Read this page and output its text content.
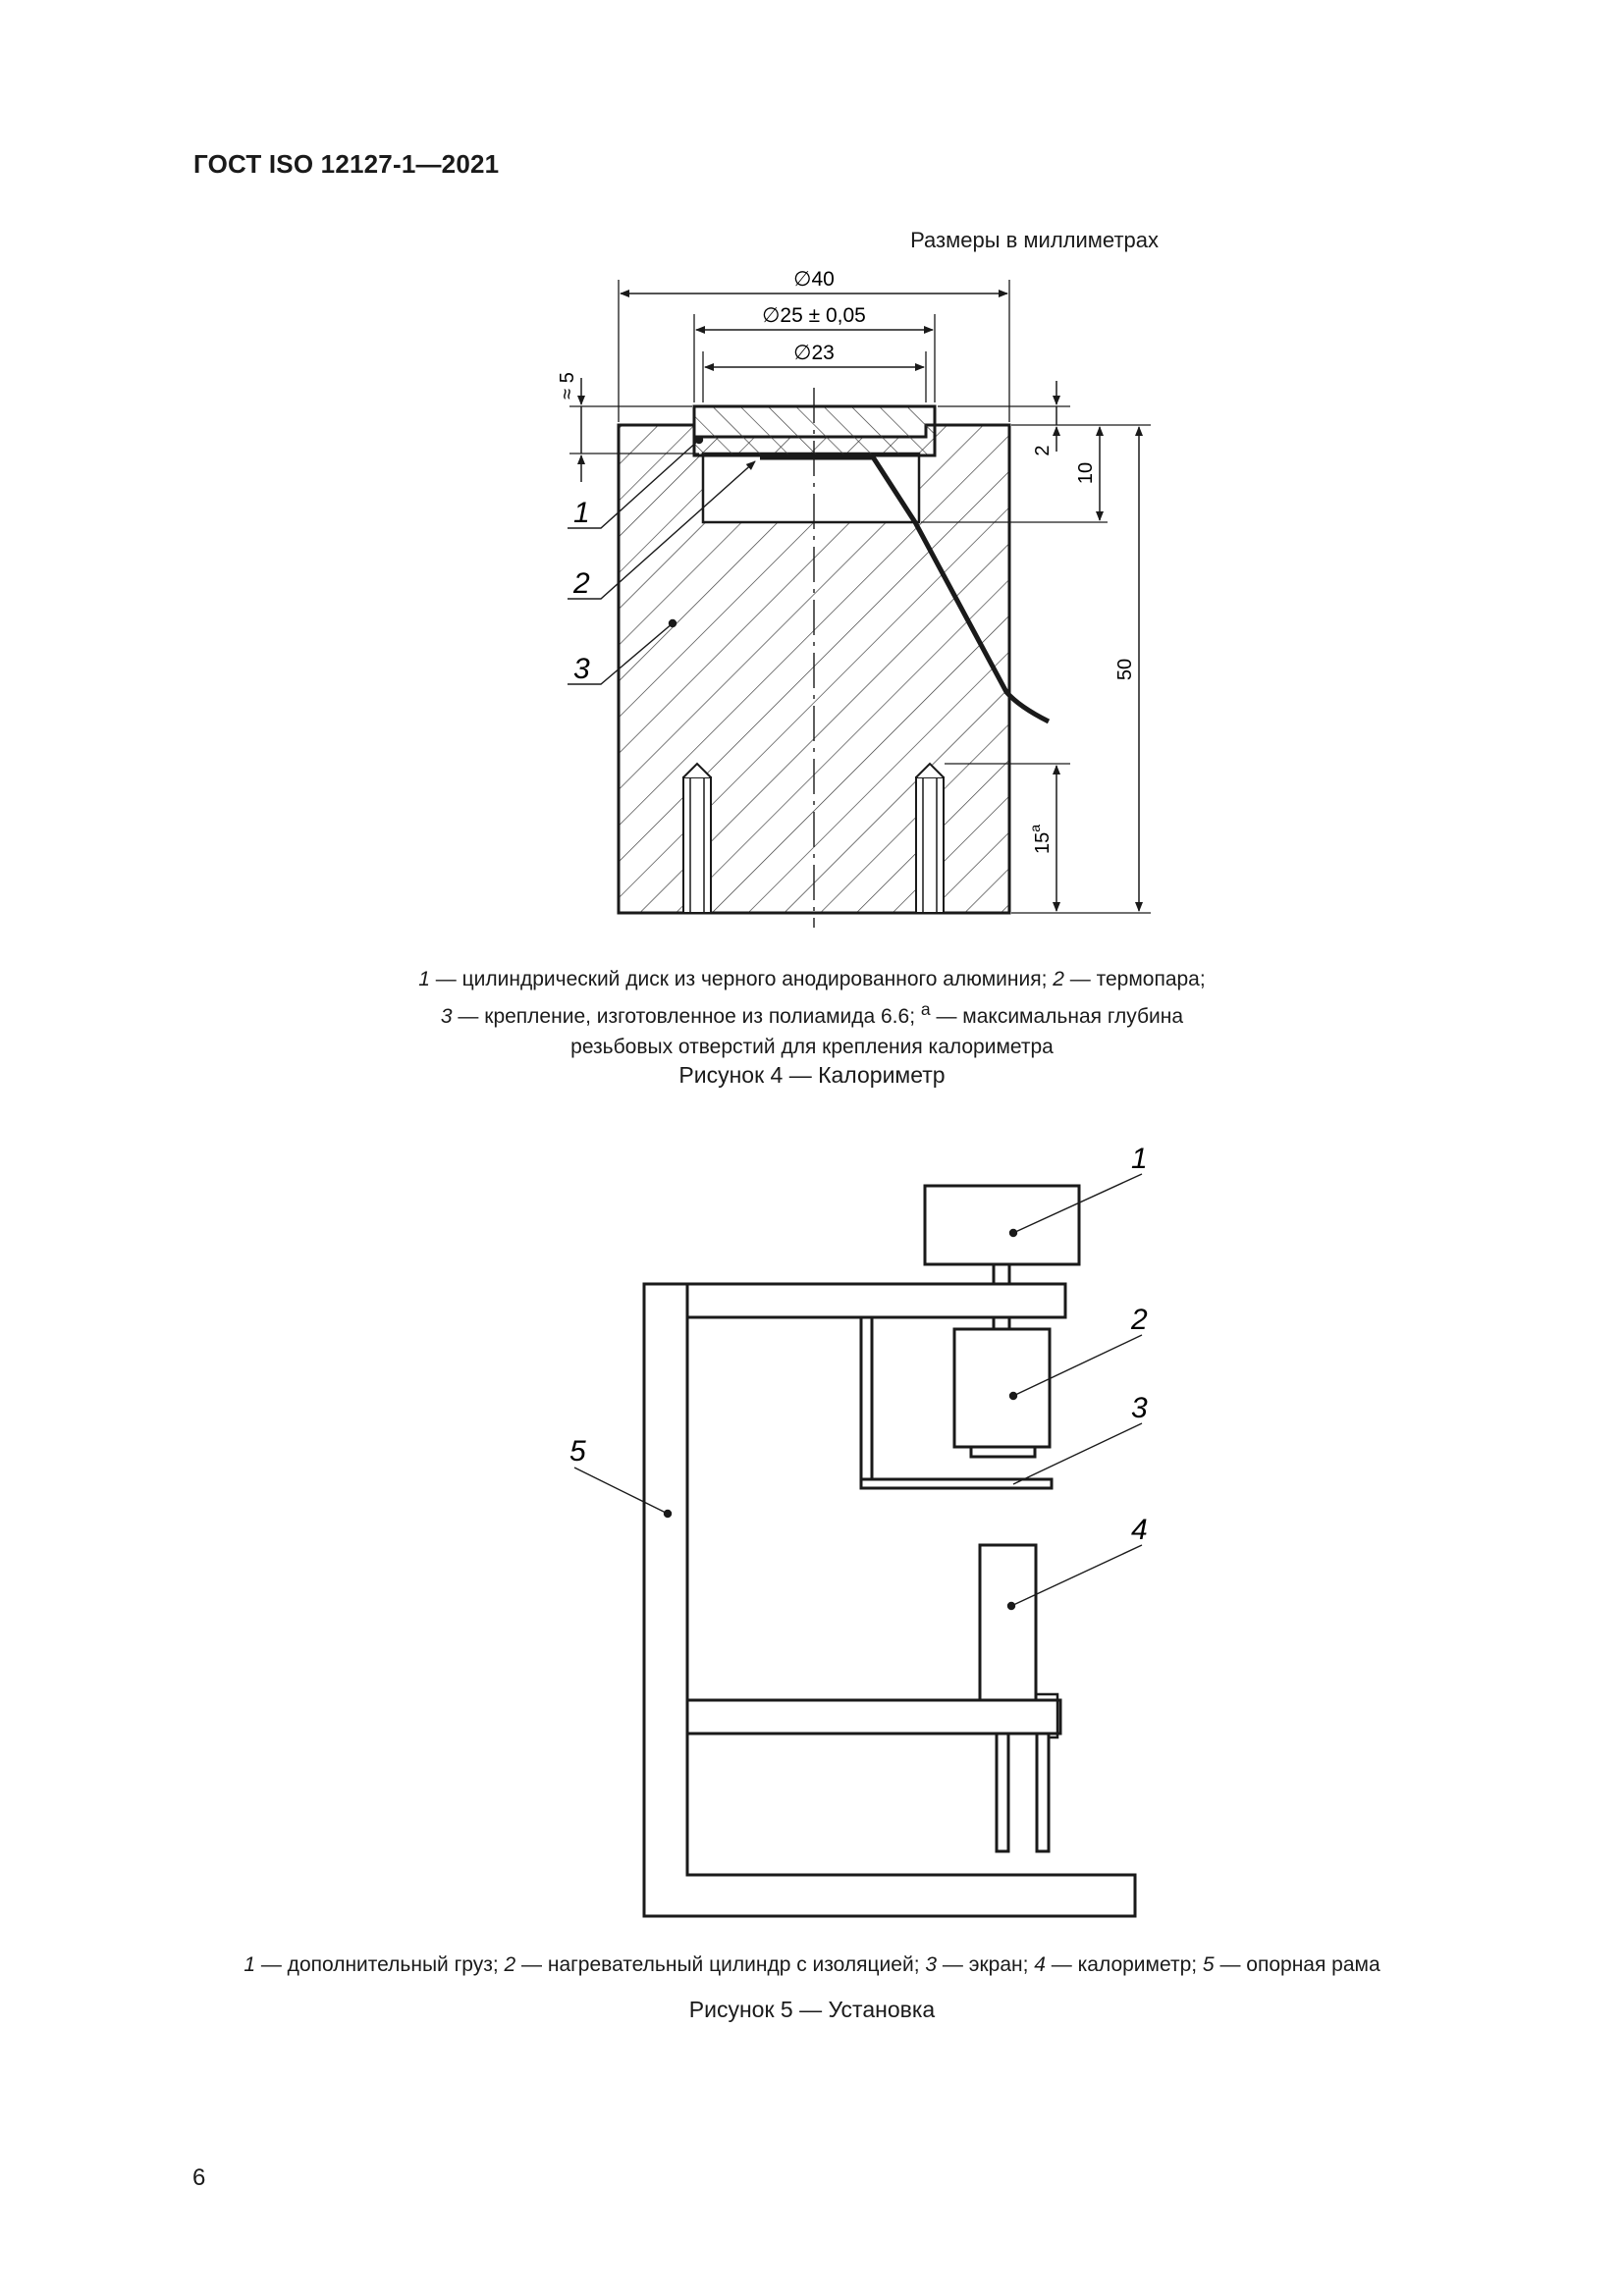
ГОСТ ISO 12127-1—2021
Размеры в миллиметрах
∅40
∅25 ± 0,05
∅23
≈ 5
2
10
50
15$^a$
1
2
3
1 — цилиндрический диск из черного анодированного алюминия; 2 — термопара;
3 — крепление, изготовленное из полиамида 6.6; $^a$ — максимальная глубина
резьбовых отверстий для крепления калориметра
Рисунок 4 — Калориметр
1
2
3
4
5
1 — дополнительный груз; 2 — нагревательный цилиндр с изоляцией; 3 — экран; 4 — калориметр; 5 — опорная рама
Рисунок 5 — Установка
6
